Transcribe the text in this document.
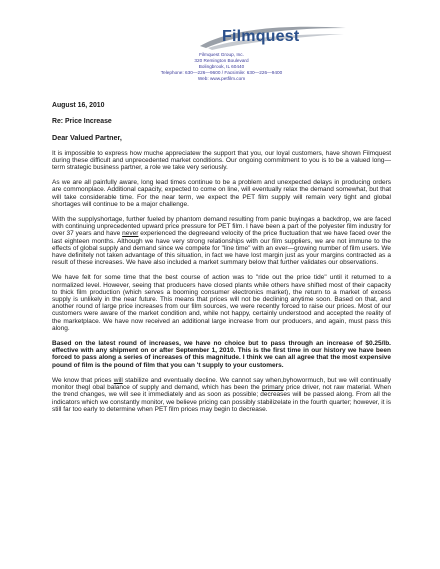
Filmquest
Filmquest Group, Inc.
320 Remington Boulevard
Bolingbrook, IL 60440
Telephone: 630—226—9600 / Facsimile: 630—226—9400
Web: www.petfilm.com
August 16, 2010
Re: Price Increase
Dear Valued Partner,

It is impossible to express how muche appreciatew the support that you, our loyal customers, have shown Filmquest during these difficult and unprecedented market conditions. Our ongoing commitment to you is to be a valued long—term strategic business partner, a role we take very seriously.

As we are all painfully aware, long lead times continue to be a problem and unexpected delays in producing orders are commonplace. Additional capacity, expected to come on line, will eventually relax the demand somewhat, but that will take considerable time. For the near term, we expect the PET film supply will remain very tight and global shortages will continue to be a major challenge.

With the supplyshortage, further fueled by phantom demand resulting from panic buyingas a backdrop, we are faced with continuing unprecedented upward price pressure for PET film. I have been a part of the polyester film industry for over 37 years and have never experienced the degreeand velocity of the price fluctuation that we have faced over the last eighteen months. Although we have very strong relationships with our film suppliers, we are not immune to the effects of global supply and demand since we compete for "line time" with an ever—growing number of film users. We have definitely not taken advantage of this situation, in fact we have lost margin just as your margins contracted as a result of these increases. We have also included a market summary below that further validates our observations.

We have felt for some time that the best course of action was to "ride out the price tide" until it returned to a normalized level. However, seeing that producers have closed plants while others have shifted most of their capacity to thick film production (which serves a booming consumer electronics market), the return to a market of excess supply is unlikely in the near future. This means that prices will not be declining anytime soon. Based on that, and another round of large price increases from our film sources, we were recently forced to raise our prices. Most of our customers were aware of the market condition and, while not happy, certainly understood and accepted the reality of the marketplace. We have now received an additional large increase from our producers, and again, must pass this along.

Based on the latest round of increases, we have no choice but to pass through an increase of $0.25/lb. effective with any shipment on or after September 1, 2010. This is the first time in our history we have been forced to pass along a series of increases of this magnitude. I think we can all agree that the most expensive pound of film is the pound of film that you can 't supply to your customers.

We know that prices will stabilize and eventually decline. We cannot say when,byhowormuch, but we will continually monitor thegl obal balance of supply and demand, which has been the primary price driver, not raw material. When the trend changes, we will see it immediately and as soon as possible; decreases will be passed along. From all the indicators which we constantly monitor, we believe pricing can possibly stabilizelate in the fourth quarter; however, it is still far too early to determine when PET film prices may begin to decrease.
